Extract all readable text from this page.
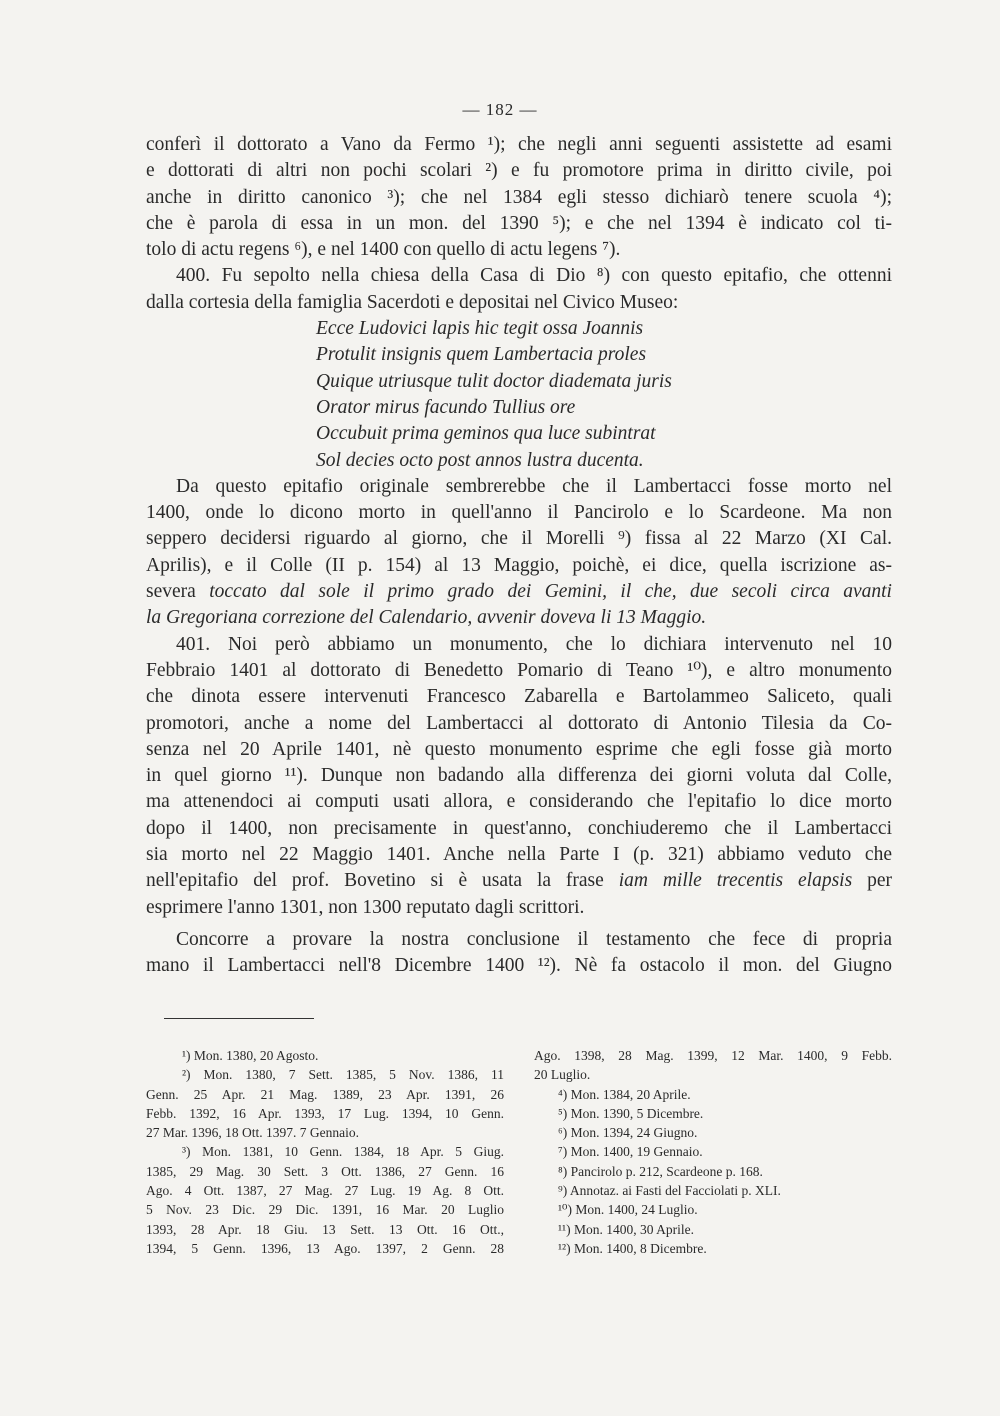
— 182 —

conferì il dottorato a Vano da Fermo ¹); che negli anni seguenti assistette ad esami
e dottorati di altri non pochi scolari ²) e fu promotore prima in diritto civile, poi
anche in diritto canonico ³); che nel 1384 egli stesso dichiarò tenere scuola ⁴);
che è parola di essa in un mon. del 1390 ⁵); e che nel 1394 è indicato col ti-
tolo di actu regens ⁶), e nel 1400 con quello di actu legens ⁷).

400. Fu sepolto nella chiesa della Casa di Dio ⁸) con questo epitafio, che ottenni
dalla cortesia della famiglia Sacerdoti e depositai nel Civico Museo:

Ecce Ludovici lapis hic tegit ossa Joannis
Protulit insignis quem Lambertacia proles
Quique utriusque tulit doctor diademata juris
Orator mirus facundo Tullius ore
Occubuit prima geminos qua luce subintrat
Sol decies octo post annos lustra ducenta.

Da questo epitafio originale sembrerebbe che il Lambertacci fosse morto nel
1400, onde lo dicono morto in quell'anno il Pancirolo e lo Scardeone. Ma non
seppero decidersi riguardo al giorno, che il Morelli ⁹) fissa al 22 Marzo (XI Cal.
Aprilis), e il Colle (II p. 154) al 13 Maggio, poichè, ei dice, quella iscrizione as-
severa toccato dal sole il primo grado dei Gemini, il che, due secoli circa avanti
la Gregoriana correzione del Calendario, avvenir doveva li 13 Maggio.

401. Noi però abbiamo un monumento, che lo dichiara intervenuto nel 10
Febbraio 1401 al dottorato di Benedetto Pomario di Teano ¹⁰), e altro monumento
che dinota essere intervenuti Francesco Zabarella e Bartolammeo Saliceto, quali
promotori, anche a nome del Lambertacci al dottorato di Antonio Tilesia da Co-
senza nel 20 Aprile 1401, nè questo monumento esprime che egli fosse già morto
in quel giorno ¹¹). Dunque non badando alla differenza dei giorni voluta dal Colle,
ma attenendoci ai computi usati allora, e considerando che l'epitafio lo dice morto
dopo il 1400, non precisamente in quest'anno, conchiuderemo che il Lambertacci
sia morto nel 22 Maggio 1401. Anche nella Parte I (p. 321) abbiamo veduto che
nell'epitafio del prof. Bovetino si è usata la frase iam mille trecentis elapsis per
esprimere l'anno 1301, non 1300 reputato dagli scrittori.

Concorre a provare la nostra conclusione il testamento che fece di propria
mano il Lambertacci nell'8 Dicembre 1400 ¹²). Nè fa ostacolo il mon. del Giugno

¹) Mon. 1380, 20 Agosto.
²) Mon. 1380, 7 Sett. 1385, 5 Nov. 1386, 11
Genn. 25 Apr. 21 Mag. 1389, 23 Apr. 1391, 26
Febb. 1392, 16 Apr. 1393, 17 Lug. 1394, 10 Genn.
27 Mar. 1396, 18 Ott. 1397. 7 Gennaio.
³) Mon. 1381, 10 Genn. 1384, 18 Apr. 5 Giug.
1385, 29 Mag. 30 Sett. 3 Ott. 1386, 27 Genn. 16
Ago. 4 Ott. 1387, 27 Mag. 27 Lug. 19 Ag. 8 Ott.
5 Nov. 23 Dic. 29 Dic. 1391, 16 Mar. 20 Luglio
1393, 28 Apr. 18 Giu. 13 Sett. 13 Ott. 16 Ott.,
1394, 5 Genn. 1396, 13 Ago. 1397, 2 Genn. 28
Ago. 1398, 28 Mag. 1399, 12 Mar. 1400, 9 Febb.
20 Luglio.
⁴) Mon. 1384, 20 Aprile.
⁵) Mon. 1390, 5 Dicembre.
⁶) Mon. 1394, 24 Giugno.
⁷) Mon. 1400, 19 Gennaio.
⁸) Pancirolo p. 212, Scardeone p. 168.
⁹) Annotaz. ai Fasti del Facciolati p. XLI.
¹⁰) Mon. 1400, 24 Luglio.
¹¹) Mon. 1400, 30 Aprile.
¹²) Mon. 1400, 8 Dicembre.
